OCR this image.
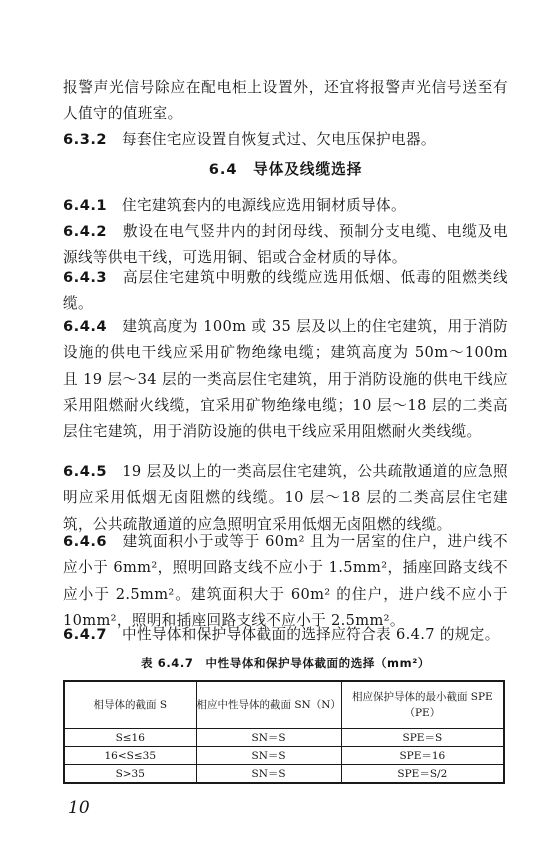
报警声光信号除应在配电柜上设置外，还宜将报警声光信号送至有人值守的值班室。

6.3.2　 每套住宅应设置自恢复式过、欠电压保护电器。

6.4　导体及线缆选择

6.4.1　 住宅建筑套内的电源线应选用铜材质导体。

6.4.2　 敷设在电气竖井内的封闭母线、预制分支电缆、电缆及电源线等供电干线，可选用铜、铝或合金材质的导体。

6.4.3　 高层住宅建筑中明敷的线缆应选用低烟、低毒的阻燃类线缆。

6.4.4　 建筑高度为 100m 或 35 层及以上的住宅建筑，用于消防设施的供电干线应采用矿物绝缘电缆；建筑高度为 50m～100m 且 19 层～34 层的一类高层住宅建筑，用于消防设施的供电干线应采用阻燃耐火线缆，宜采用矿物绝缘电缆；10 层～18 层的二类高层住宅建筑，用于消防设施的供电干线应采用阻燃耐火类线缆。

6.4.5　 19 层及以上的一类高层住宅建筑，公共疏散通道的应急照明应采用低烟无卤阻燃的线缆。10 层～18 层的二类高层住宅建筑，公共疏散通道的应急照明宜采用低烟无卤阻燃的线缆。

6.4.6　 建筑面积小于或等于 60m² 且为一居室的住户，进户线不应小于 6mm²，照明回路支线不应小于 1.5mm²，插座回路支线不应小于 2.5mm²。建筑面积大于 60m² 的住户，进户线不应小于 10mm²，照明和插座回路支线不应小于 2.5mm²。

6.4.7　 中性导体和保护导体截面的选择应符合表 6.4.7 的规定。

表 6.4.7　中性导体和保护导体截面的选择（mm²）
相导体的截面 S	相应中性导体的截面 SN（N）	相应保护导体的最小截面 SPE（PE）
S≤16	SN＝S	SPE＝S
16<S≤35	SN＝S	SPE＝16
S>35	SN＝S	SPE＝S/2
10
